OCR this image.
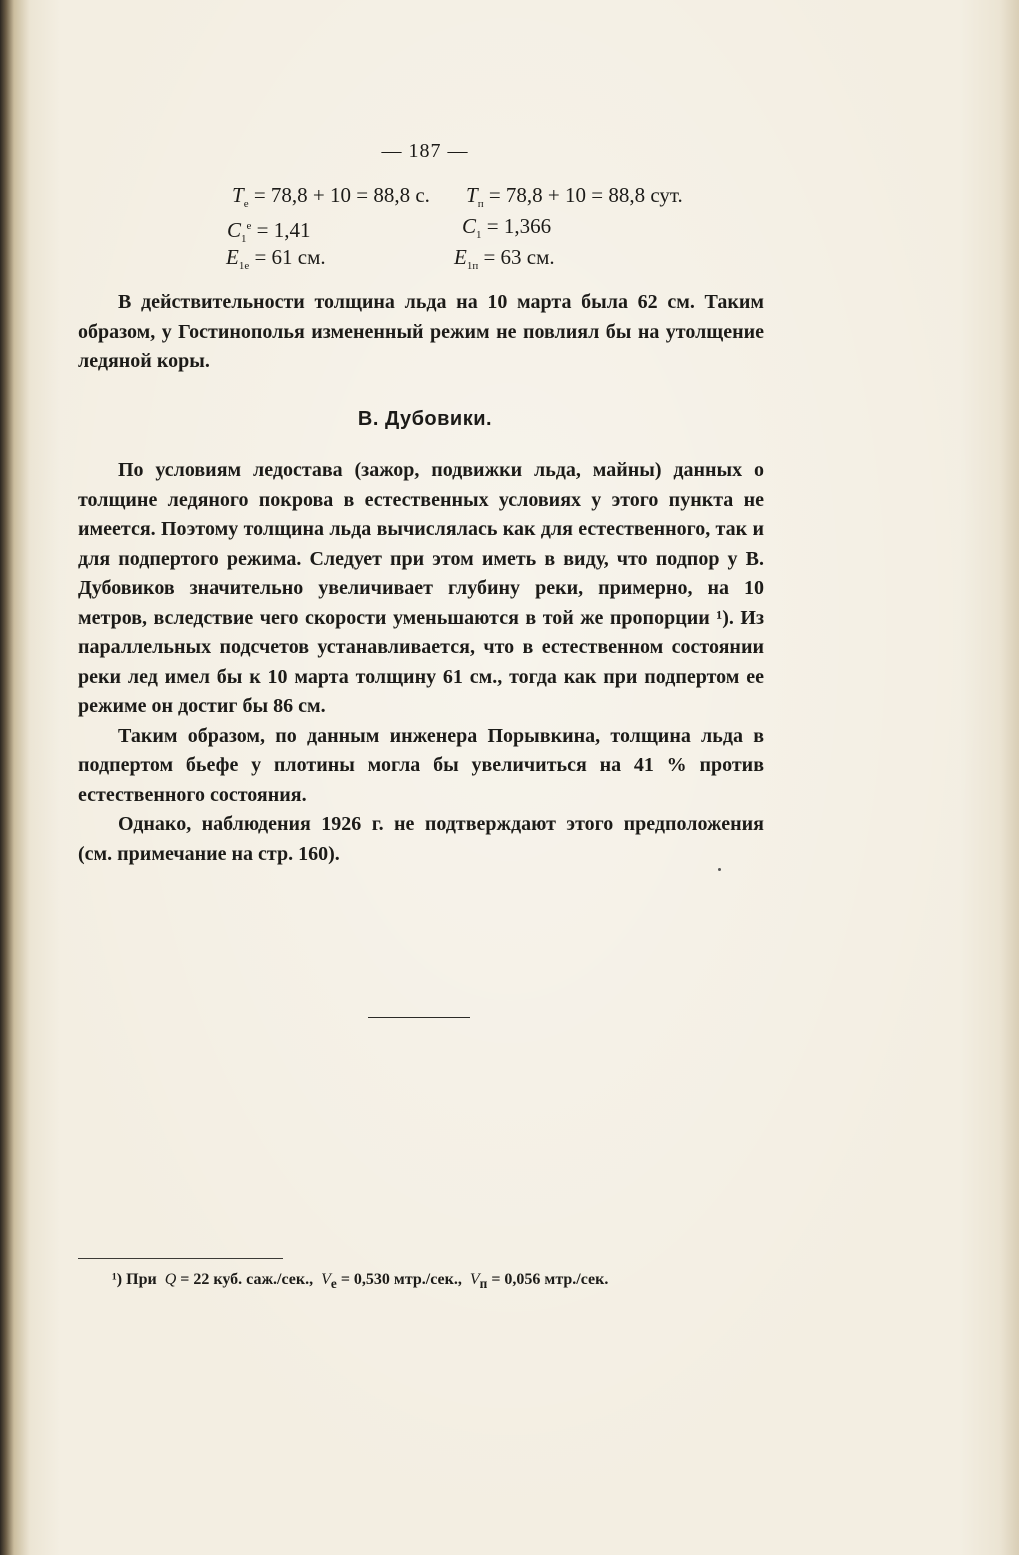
— 187 —
$T_е = 78,8 + 10 = 88,8$ с. $T_п = 78,8 + 10 = 88,8$ сут.
$C_1^е = 1,41$	$C_1 = 1,366$
$E_{1е} = 61$ см.	$E_{1п} = 63$ см.

В действительности толщина льда на 10 марта была 62 см. Таким образом, у Гостинополья измененный режим не повлиял бы на утолщение ледяной коры.

В. Дубовики.

По условиям ледостава (зажор, подвижки льда, майны) данных о толщине ледяного покрова в естественных условиях у этого пункта не имеется. Поэтому толщина льда вычислялась как для естественного, так и для подпертого режима. Следует при этом иметь в виду, что подпор у В. Дубовиков значительно увеличивает глубину реки, примерно, на 10 метров, вследствие чего скорости уменьшаются в той же пропорции ¹). Из параллельных подсчетов устанавливается, что в естественном состоянии реки лед имел бы к 10 марта толщину 61 см., тогда как при подпертом ее режиме он достиг бы 86 см.

Таким образом, по данным инженера Порывкина, толщина льда в подпертом бьефе у плотины могла бы увеличиться на 41 % против естественного состояния.

Однако, наблюдения 1926 г. не подтверждают этого предположения (см. примечание на стр. 160).

¹) При Q = 22 куб. саж./сек., $V_е = 0,530$ мтр./сек., $V_п = 0,056$ мтр./сек.
